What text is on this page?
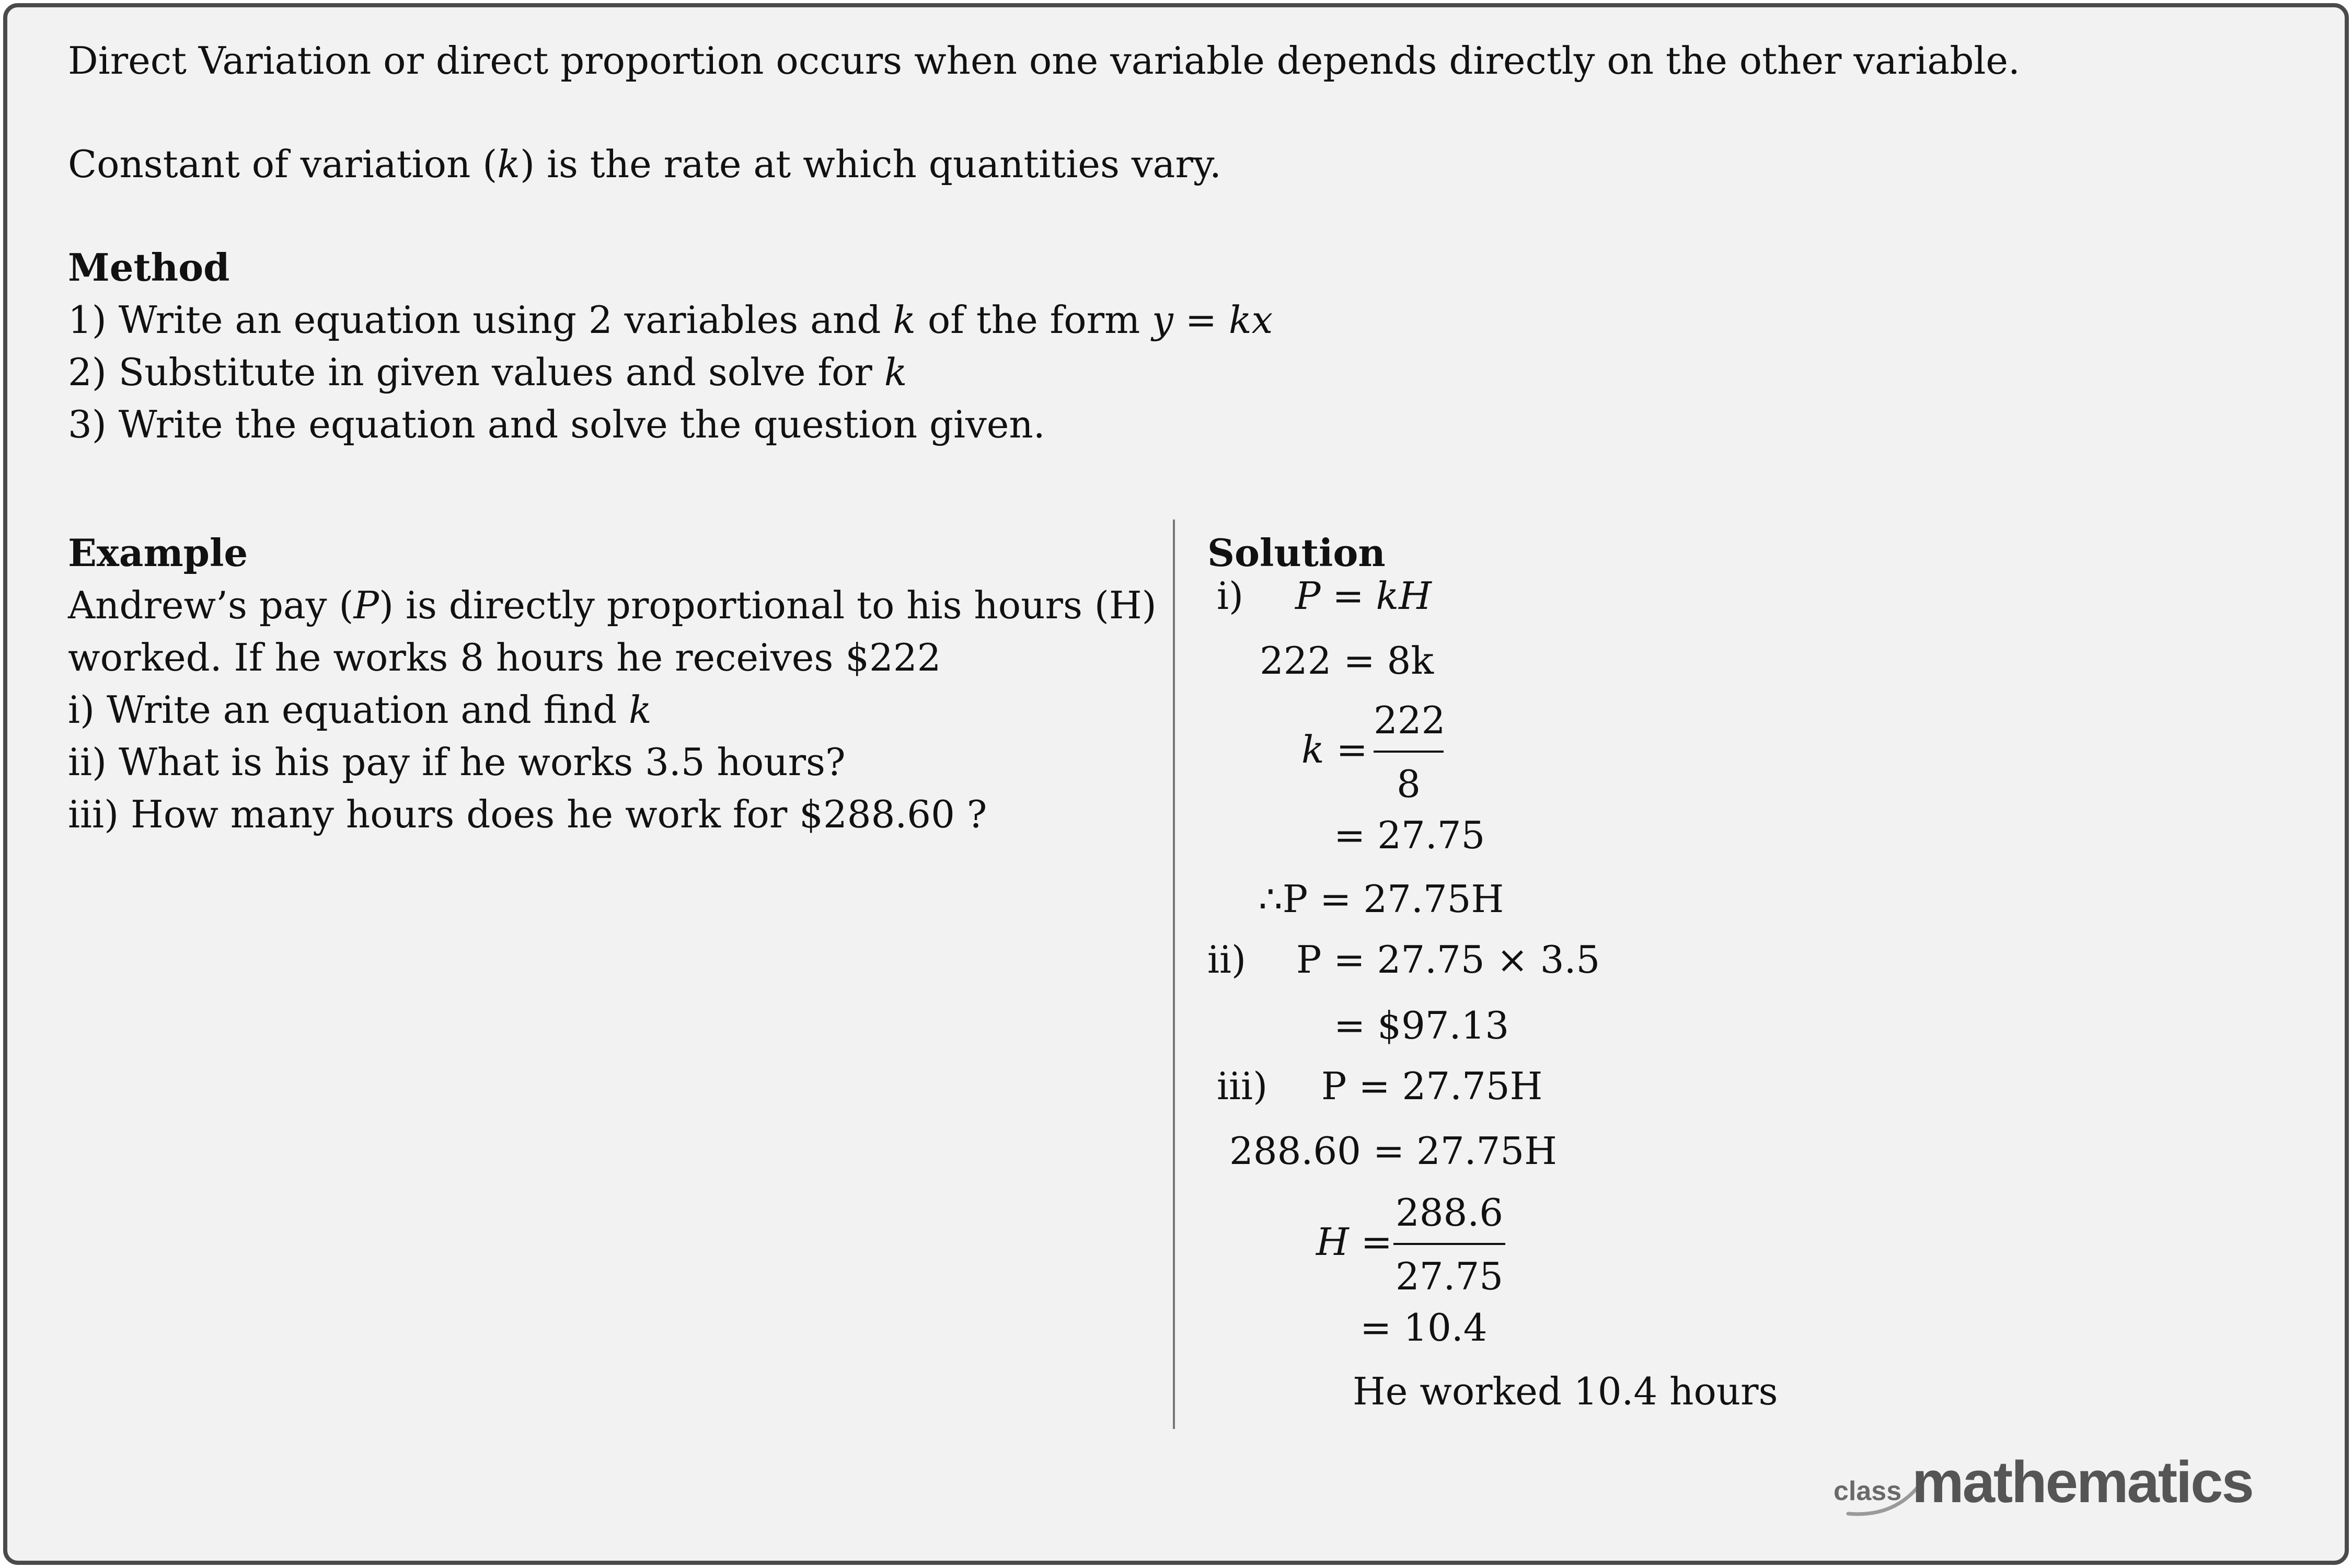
Direct Variation or direct proportion occurs when one variable depends directly on the other variable.
Constant of variation (k) is the rate at which quantities vary.
Method
1) Write an equation using 2 variables and k of the form y = kx
2) Substitute in given values and solve for k
3) Write the equation and solve the question given.
Example
Andrew’s pay (P) is directly proportional to his hours (H)
worked. If he works 8 hours he receives $222
i) Write an equation and find k
ii) What is his pay if he works 3.5 hours?
iii) How many hours does he work for $288.60 ?
Solution
i) P = kH
222 = 8k
$k = \frac{222}{8}$
= 27.75
∴P = 27.75H
ii) P = 27.75 × 3.5
= $97.13
iii) P = 27.75H
288.60 = 27.75H
$H = \frac{288.6}{27.75}$
= 10.4
He worked 10.4 hours
class mathematics
